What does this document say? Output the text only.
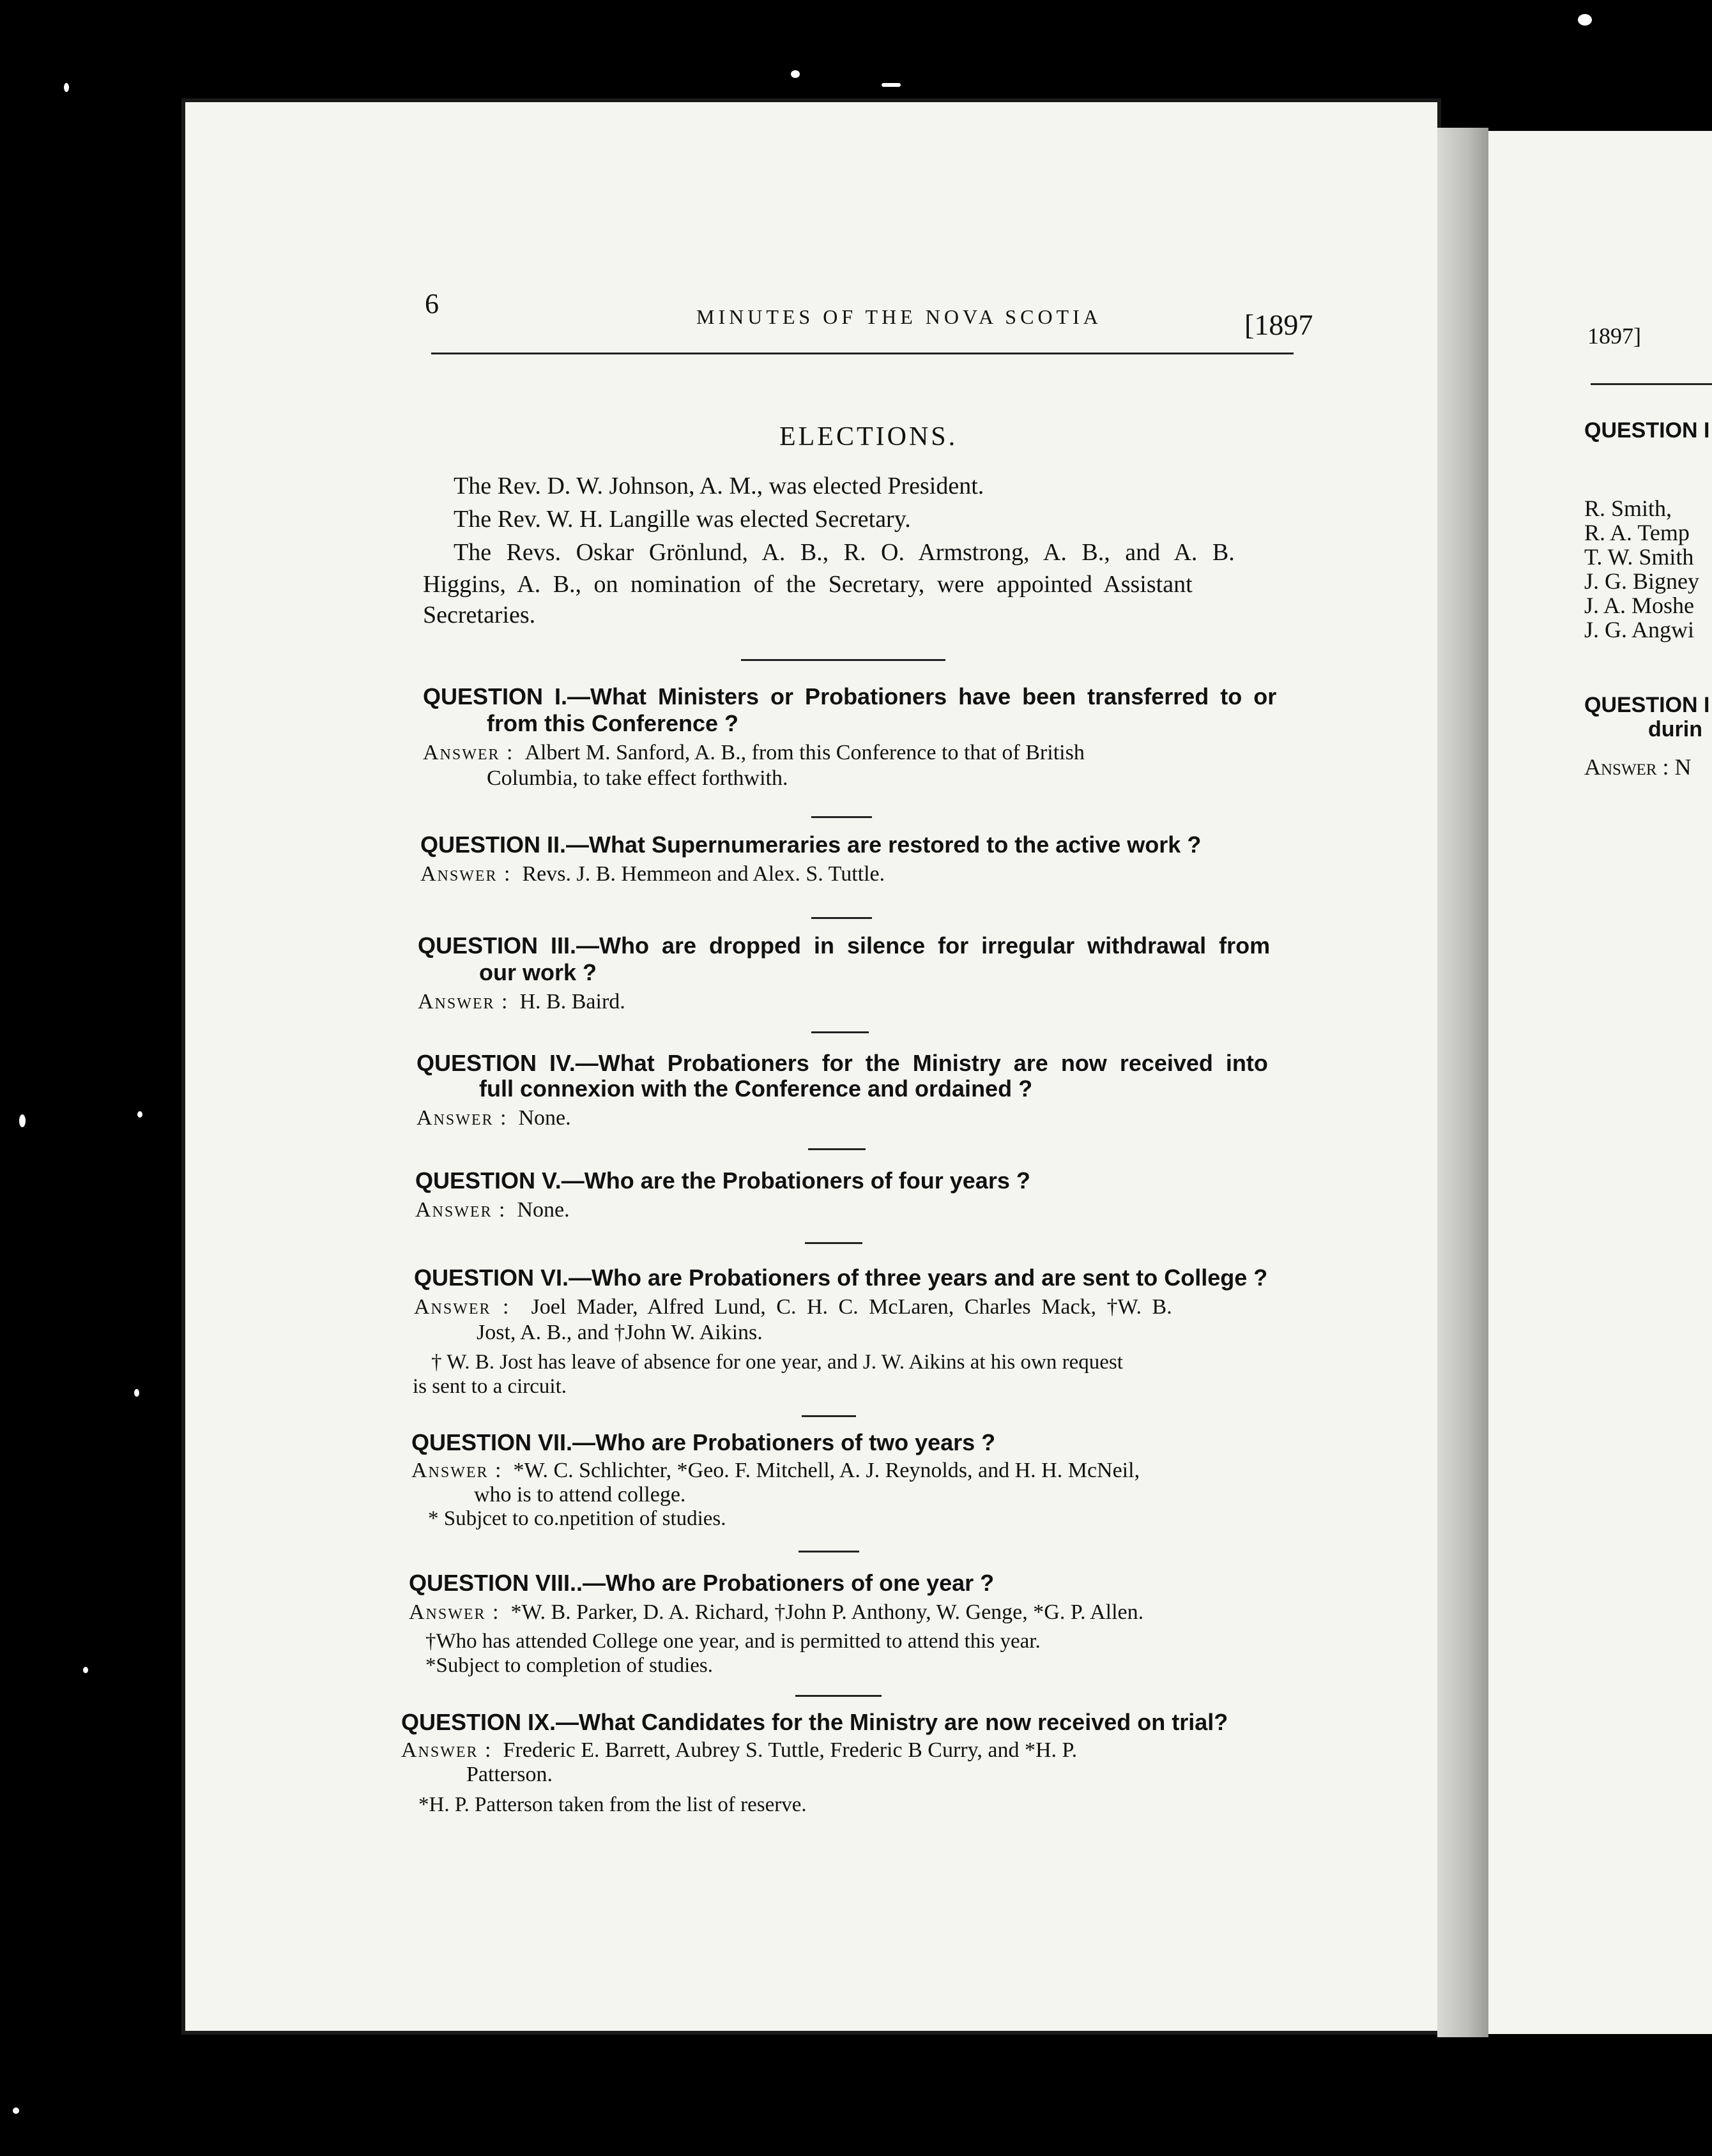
6	MINUTES OF THE NOVA SCOTIA	[1897
ELECTIONS.
The Rev. D. W. Johnson, A. M., was elected President.
The Rev. W. H. Langille was elected Secretary.
The Revs. Oskar Grönlund, A. B., R. O. Armstrong, A. B., and A. B.
Higgins, A. B., on nomination of the Secretary, were appointed Assistant
Secretaries.
QUESTION I.—What Ministers or Probationers have been transferred to or
from this Conference ?
Answer : Albert M. Sanford, A. B., from this Conference to that of British
Columbia, to take effect forthwith.
QUESTION II.—What Supernumeraries are restored to the active work ?
Answer : Revs. J. B. Hemmeon and Alex. S. Tuttle.
QUESTION III.—Who are dropped in silence for irregular withdrawal from
our work ?
Answer : H. B. Baird.
QUESTION IV.—What Probationers for the Ministry are now received into
full connexion with the Conference and ordained ?
Answer : None.
QUESTION V.—Who are the Probationers of four years ?
Answer : None.
QUESTION VI.—Who are Probationers of three years and are sent to College ?
Answer : Joel Mader, Alfred Lund, C. H. C. McLaren, Charles Mack, †W. B.
Jost, A. B., and †John W. Aikins.
† W. B. Jost has leave of absence for one year, and J. W. Aikins at his own request
is sent to a circuit.
QUESTION VII.—Who are Probationers of two years ?
Answer : *W. C. Schlichter, *Geo. F. Mitchell, A. J. Reynolds, and H. H. McNeil,
who is to attend college.
* Subjcet to co.npetition of studies.
QUESTION VIII..—Who are Probationers of one year ?
Answer : *W. B. Parker, D. A. Richard, †John P. Anthony, W. Genge, *G. P. Allen.
†Who has attended College one year, and is permitted to attend this year.
*Subject to completion of studies.
QUESTION IX.—What Candidates for the Ministry are now received on trial?
Answer : Frederic E. Barrett, Aubrey S. Tuttle, Frederic B Curry, and *H. P.
Patterson.
*H. P. Patterson taken from the list of reserve.
1897]
QUESTION I
R. Smith,
R. A. Temp
T. W. Smith
J. G. Bigney
J. A. Moshe
J. G. Angwi
QUESTION I
durin
Answer : N
